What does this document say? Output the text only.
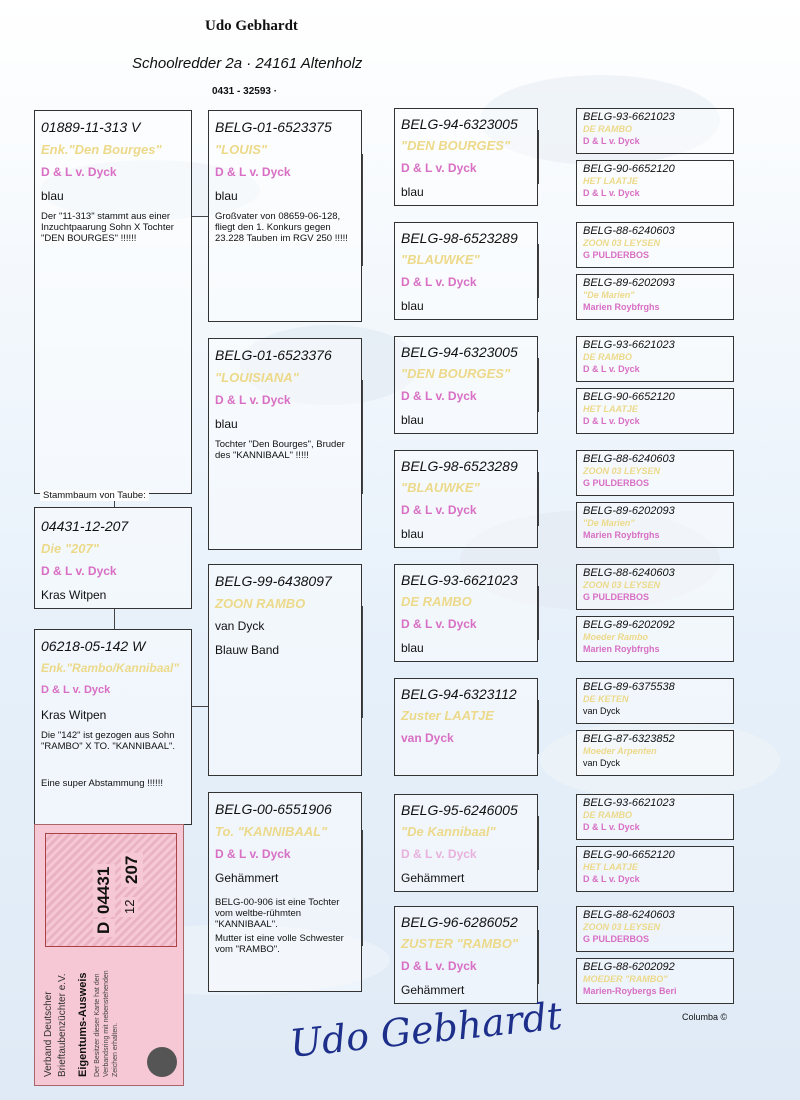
Udo Gebhardt
Schoolredder 2a · 24161 Altenholz
0431 - 32593 ·
01889-11-313 V
Enk."Den Bourges"
D & L v. Dyck
blau
Der "11-313" stammt aus einer Inzuchtpaarung Sohn X Tochter "DEN BOURGES" !!!!!!
Stammbaum von Taube:
04431-12-207
Die "207"
D & L v. Dyck
Kras Witpen
06218-05-142 W
Enk."Rambo/Kannibaal"
D & L v. Dyck
Kras Witpen
Die "142" ist gezogen aus Sohn "RAMBO" X TO. "KANNIBAAL".
Eine super Abstammung !!!!!!
BELG-01-6523375
"LOUIS"
D & L v. Dyck
blau
Großvater von 08659-06-128, fliegt den 1. Konkurs gegen 23.228 Tauben im RGV 250 !!!!!
BELG-01-6523376
"LOUISIANA"
D & L v. Dyck
blau
Tochter "Den Bourges", Bruder des "KANNIBAAL" !!!!!
BELG-99-6438097
ZOON RAMBO
van Dyck
Blauw Band
BELG-00-6551906
To. "KANNIBAAL"
D & L v. Dyck
Gehämmert
BELG-00-906 ist eine Tochter vom weltbe-rühmten "KANNIBAAL".
Mutter ist eine volle Schwester vom "RAMBO".
BELG-94-6323005
"DEN BOURGES"
D & L v. Dyck
blau
BELG-98-6523289
"BLAUWKE"
D & L v. Dyck
blau
BELG-94-6323005
"DEN BOURGES"
D & L v. Dyck
blau
BELG-98-6523289
"BLAUWKE"
D & L v. Dyck
blau
BELG-93-6621023
DE RAMBO
D & L v. Dyck
blau
BELG-94-6323112
Zuster LAATJE
van Dyck
BELG-95-6246005
"De Kannibaal"
D & L v. Dyck
Gehämmert
BELG-96-6286052
ZUSTER "RAMBO"
D & L v. Dyck
Gehämmert
BELG-93-6621023
DE RAMBO
D & L v. Dyck
BELG-90-6652120
HET LAATJE
D & L v. Dyck
BELG-88-6240603
ZOON 03 LEYSEN
G PULDERBOS
BELG-89-6202093
"De Marien"
Marien Roybfrghs
BELG-93-6621023
DE RAMBO
D & L v. Dyck
BELG-90-6652120
HET LAATJE
D & L v. Dyck
BELG-88-6240603
ZOON 03 LEYSEN
G PULDERBOS
BELG-89-6202093
"De Marien"
Marien Roybfrghs
BELG-88-6240603
ZOON 03 LEYSEN
G PULDERBOS
BELG-89-6202092
Moeder Rambo
Marien Roybfrghs
BELG-89-6375538
DE KETEN
van Dyck
BELG-87-6323852
Moeder Arpenten
van Dyck
BELG-93-6621023
DE RAMBO
D & L v. Dyck
BELG-90-6652120
HET LAATJE
D & L v. Dyck
BELG-88-6240603
ZOON 03 LEYSEN
G PULDERBOS
BELG-88-6202092
MOEDER "RAMBO"
Marien-Roybergs Beri
Columba ©
Udo Gebhardt
Verband Deutscher Brieftaubenzüchter e.V. Eigentums-Ausweis Der Besitzer dieser Karte hat den Verbandsring mit nebenstehenden Zeichen erhalten.
D
04431 12
207
